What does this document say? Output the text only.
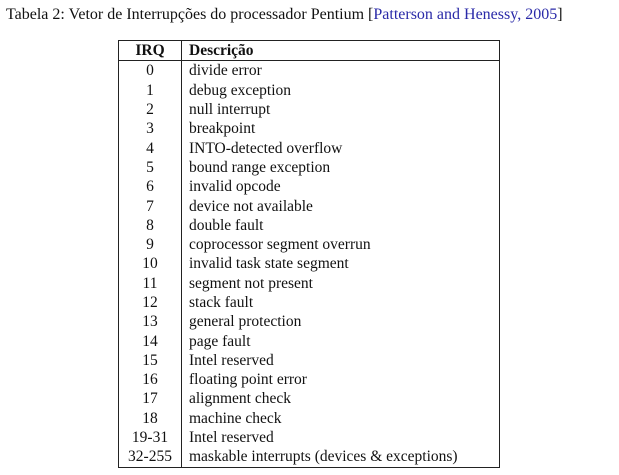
Tabela 2: Vetor de Interrupções do processador Pentium [Patterson and Henessy, 2005]
IRQ	Descrição
0	divide error
1	debug exception
2	null interrupt
3	breakpoint
4	INTO-detected overflow
5	bound range exception
6	invalid opcode
7	device not available
8	double fault
9	coprocessor segment overrun
10	invalid task state segment
11	segment not present
12	stack fault
13	general protection
14	page fault
15	Intel reserved
16	floating point error
17	alignment check
18	machine check
19-31	Intel reserved
32-255	maskable interrupts (devices & exceptions)
